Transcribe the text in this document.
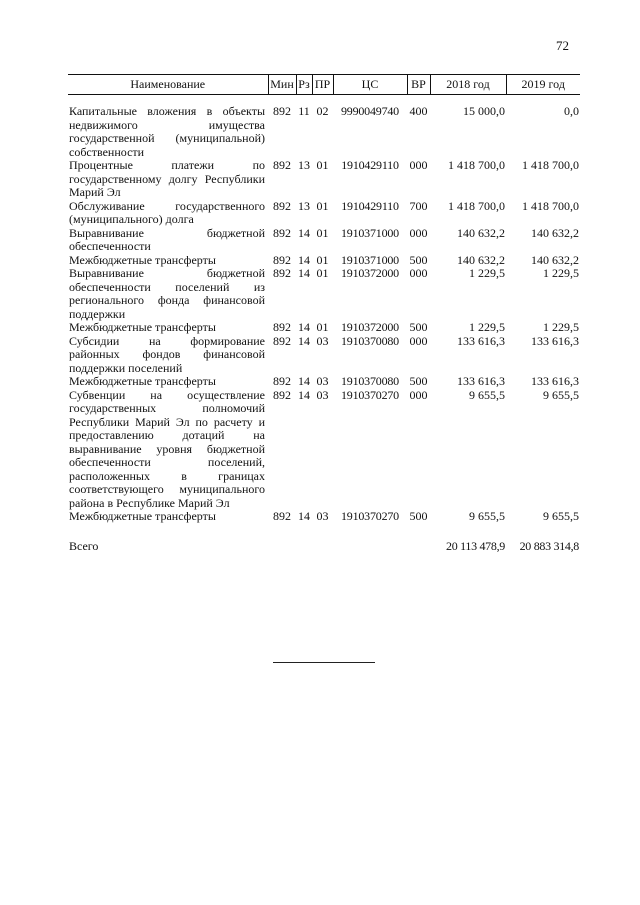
72
Наименование	Мин	Рз	ПР	ЦС	ВР	2018 год	2019 год
Капитальные вложения в объекты недвижимого имущества государственной (муниципальной) собственности	892	11	02	9990049740	400	15 000,0	0,0
Процентные платежи по государственному долгу Республики Марий Эл	892	13	01	1910429110	000	1 418 700,0	1 418 700,0
Обслуживание государственного (муниципального) долга	892	13	01	1910429110	700	1 418 700,0	1 418 700,0
Выравнивание бюджетной обеспеченности	892	14	01	1910371000	000	140 632,2	140 632,2
Межбюджетные трансферты	892	14	01	1910371000	500	140 632,2	140 632,2
Выравнивание бюджетной обеспеченности поселений из регионального фонда финансовой поддержки	892	14	01	1910372000	000	1 229,5	1 229,5
Межбюджетные трансферты	892	14	01	1910372000	500	1 229,5	1 229,5
Субсидии на формирование районных фондов финансовой поддержки поселений	892	14	03	1910370080	000	133 616,3	133 616,3
Межбюджетные трансферты	892	14	03	1910370080	500	133 616,3	133 616,3
Субвенции на осуществление государственных полномочий Республики Марий Эл по расчету и предоставлению дотаций на выравнивание уровня бюджетной обеспеченности поселений, расположенных в границах соответствующего муниципального района в Республике Марий Эл	892	14	03	1910370270	000	9 655,5	9 655,5
Межбюджетные трансферты	892	14	03	1910370270	500	9 655,5	9 655,5
Всего						20 113 478,9	20 883 314,8
